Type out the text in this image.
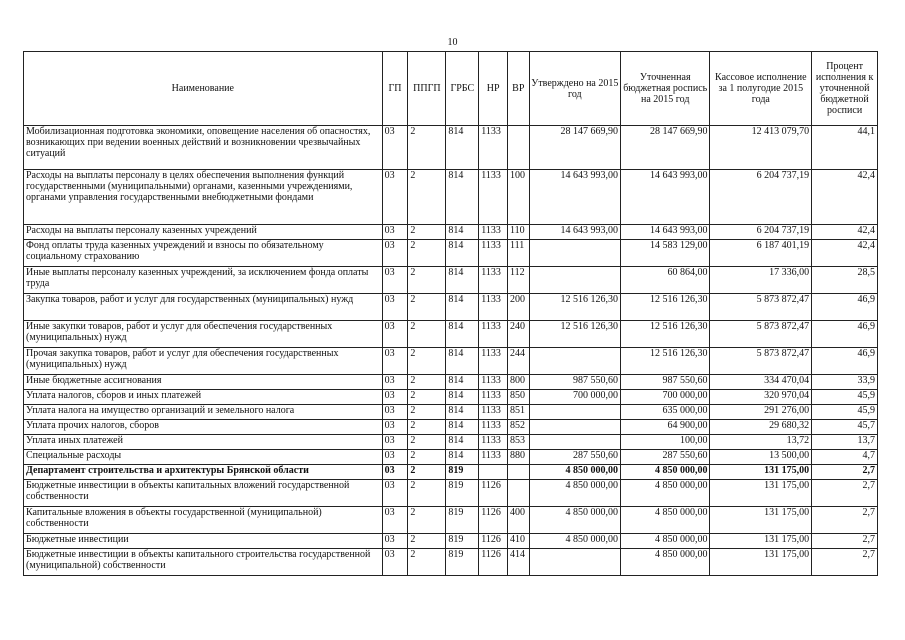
10
Наименование	ГП	ППГП	ГРБС	НР	ВР	Утверждено на 2015 год	Уточненная бюджетная роспись на 2015 год	Кассовое исполнение за 1 полугодие 2015 года	Процент исполнения к уточненной бюджетной росписи
Мобилизационная подготовка экономики, оповещение населения об опасностях, возникающих при ведении военных действий и возникновении чрезвычайных ситуаций	03	2	814	1133		28 147 669,90	28 147 669,90	12 413 079,70	44,1
Расходы на выплаты персоналу в целях обеспечения выполнения функций государственными (муниципальными) органами, казенными учреждениями, органами управления государственными внебюджетными фондами	03	2	814	1133	100	14 643 993,00	14 643 993,00	6 204 737,19	42,4
Расходы на выплаты персоналу казенных учреждений	03	2	814	1133	110	14 643 993,00	14 643 993,00	6 204 737,19	42,4
Фонд оплаты труда казенных учреждений и взносы по обязательному социальному страхованию	03	2	814	1133	111		14 583 129,00	6 187 401,19	42,4
Иные выплаты персоналу казенных учреждений, за исключением фонда оплаты труда	03	2	814	1133	112		60 864,00	17 336,00	28,5
Закупка товаров, работ и услуг для государственных (муниципальных) нужд	03	2	814	1133	200	12 516 126,30	12 516 126,30	5 873 872,47	46,9
Иные закупки товаров, работ и услуг для обеспечения государственных (муниципальных) нужд	03	2	814	1133	240	12 516 126,30	12 516 126,30	5 873 872,47	46,9
Прочая закупка товаров, работ и услуг для обеспечения государственных (муниципальных) нужд	03	2	814	1133	244		12 516 126,30	5 873 872,47	46,9
Иные бюджетные ассигнования	03	2	814	1133	800	987 550,60	987 550,60	334 470,04	33,9
Уплата налогов, сборов и иных платежей	03	2	814	1133	850	700 000,00	700 000,00	320 970,04	45,9
Уплата налога на имущество организаций и земельного налога	03	2	814	1133	851		635 000,00	291 276,00	45,9
Уплата прочих налогов, сборов	03	2	814	1133	852		64 900,00	29 680,32	45,7
Уплата иных платежей	03	2	814	1133	853		100,00	13,72	13,7
Специальные расходы	03	2	814	1133	880	287 550,60	287 550,60	13 500,00	4,7
Департамент строительства и архитектуры Брянской области	03	2	819			4 850 000,00	4 850 000,00	131 175,00	2,7
Бюджетные инвестиции в объекты капитальных вложений государственной собственности	03	2	819	1126		4 850 000,00	4 850 000,00	131 175,00	2,7
Капитальные вложения в объекты государственной (муниципальной) собственности	03	2	819	1126	400	4 850 000,00	4 850 000,00	131 175,00	2,7
Бюджетные инвестиции	03	2	819	1126	410	4 850 000,00	4 850 000,00	131 175,00	2,7
Бюджетные инвестиции в объекты капитального строительства государственной (муниципальной) собственности	03	2	819	1126	414		4 850 000,00	131 175,00	2,7
